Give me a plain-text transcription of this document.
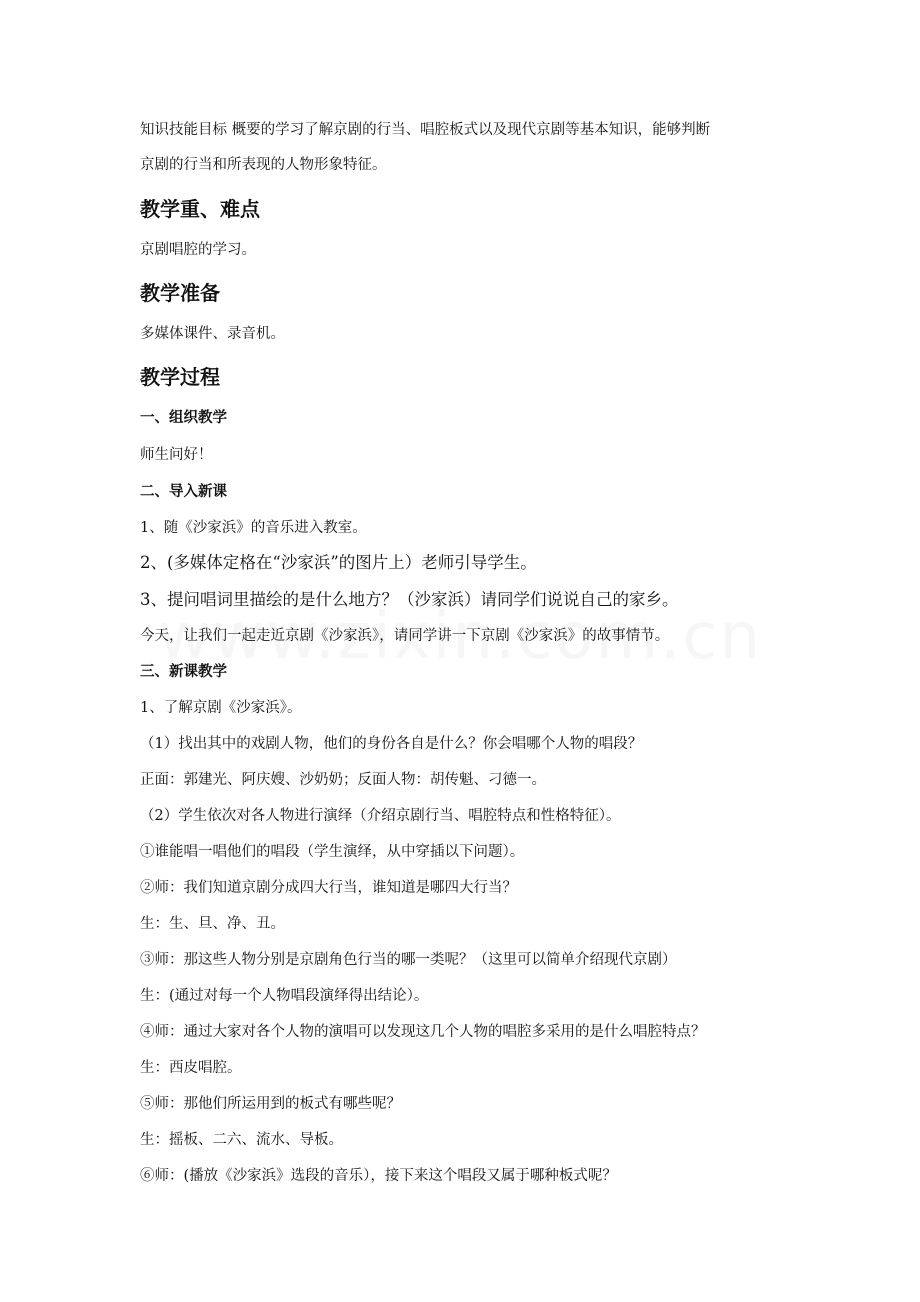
知识技能目标 概要的学习了解京剧的行当、唱腔板式以及现代京剧等基本知识，能够判断
京剧的行当和所表现的人物形象特征。
教学重、难点
京剧唱腔的学习。
教学准备
多媒体课件、录音机。
教学过程
一、组织教学
师生问好！
二、导入新课
1、随《沙家浜》的音乐进入教室。
2、(多媒体定格在“沙家浜”的图片上）老师引导学生。
3、提问唱词里描绘的是什么地方？（沙家浜）请同学们说说自己的家乡。
今天，让我们一起走近京剧《沙家浜》，请同学讲一下京剧《沙家浜》的故事情节。
三、新课教学
1、了解京剧《沙家浜》。
（1）找出其中的戏剧人物，他们的身份各自是什么？你会唱哪个人物的唱段？
正面：郭建光、阿庆嫂、沙奶奶；反面人物：胡传魁、刁德一。
（2）学生依次对各人物进行演绎（介绍京剧行当、唱腔特点和性格特征）。
①谁能唱一唱他们的唱段（学生演绎，从中穿插以下问题）。
②师：我们知道京剧分成四大行当，谁知道是哪四大行当？
生：生、旦、净、丑。
③师：那这些人物分别是京剧角色行当的哪一类呢？（这里可以简单介绍现代京剧）
生：(通过对每一个人物唱段演绎得出结论）。
④师：通过大家对各个人物的演唱可以发现这几个人物的唱腔多采用的是什么唱腔特点？
生：西皮唱腔。
⑤师：那他们所运用到的板式有哪些呢？
生：摇板、二六、流水、导板。
⑥师：(播放《沙家浜》选段的音乐），接下来这个唱段又属于哪种板式呢？
